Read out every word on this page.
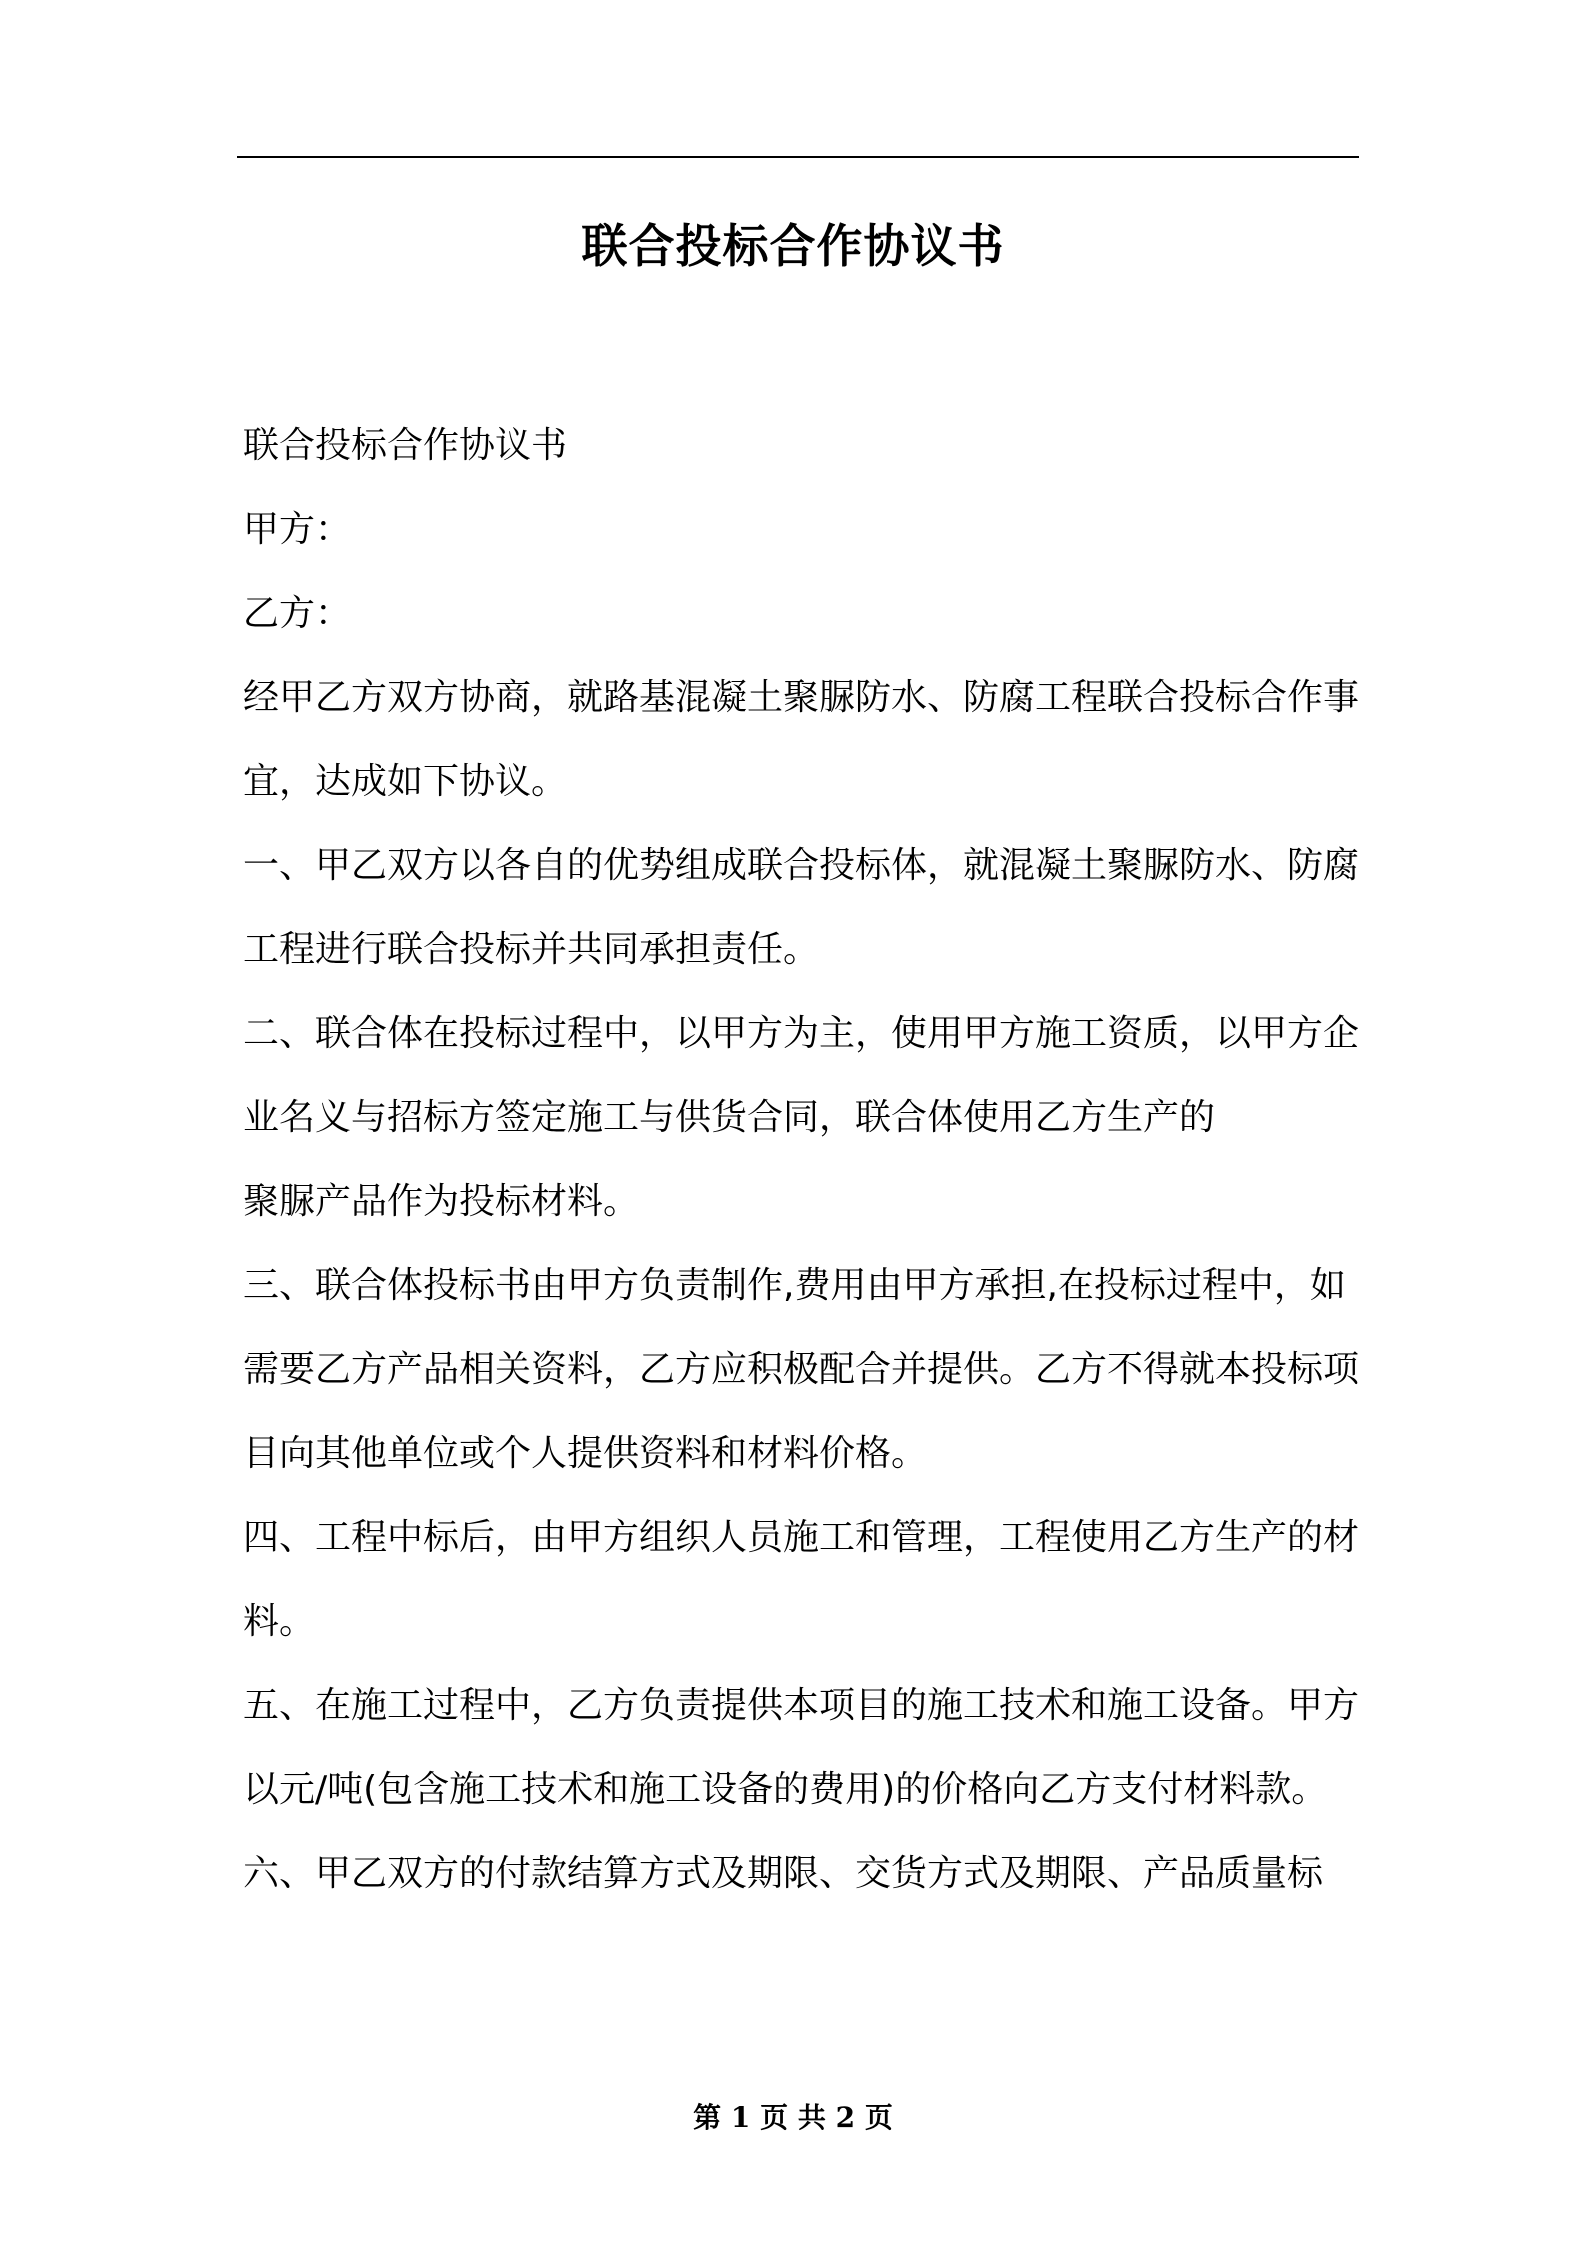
联合投标合作协议书

联合投标合作协议书

甲方：

乙方：

经甲乙方双方协商，就路基混凝土聚脲防水、防腐工程联合投标合作事宜，达成如下协议。

一、甲乙双方以各自的优势组成联合投标体，就混凝土聚脲防水、防腐工程进行联合投标并共同承担责任。

二、联合体在投标过程中，以甲方为主，使用甲方施工资质，以甲方企业名义与招标方签定施工与供货合同，联合体使用乙方生产的

聚脲产品作为投标材料。

三、联合体投标书由甲方负责制作,费用由甲方承担,在投标过程中，如需要乙方产品相关资料，乙方应积极配合并提供。乙方不得就本投标项目向其他单位或个人提供资料和材料价格。

四、工程中标后，由甲方组织人员施工和管理，工程使用乙方生产的材料。

五、在施工过程中，乙方负责提供本项目的施工技术和施工设备。甲方以元/吨(包含施工技术和施工设备的费用)的价格向乙方支付材料款。

六、甲乙双方的付款结算方式及期限、交货方式及期限、产品质量标

第 1 页 共 2 页
